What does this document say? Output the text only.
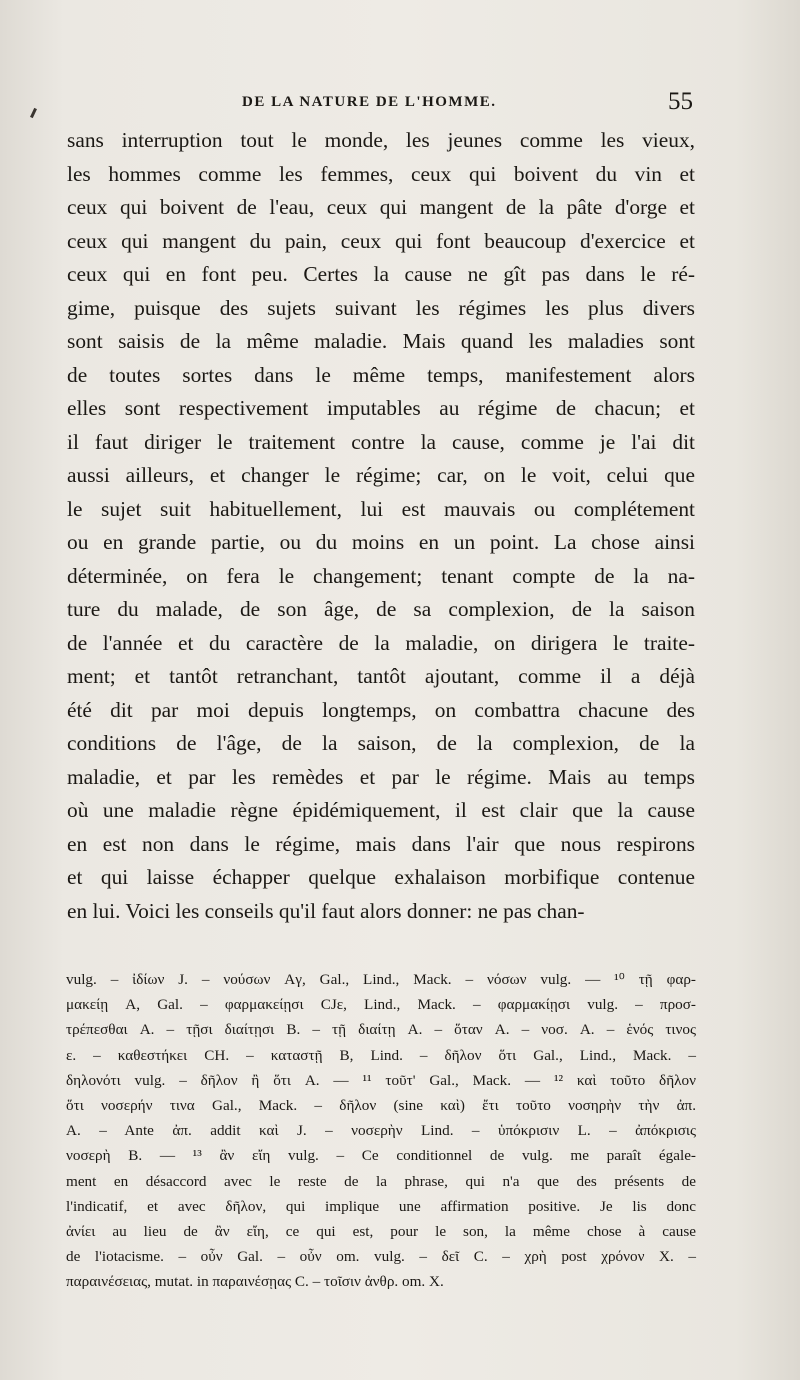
DE LA NATURE DE L'HOMME.	55
sans interruption tout le monde, les jeunes comme les vieux,
les hommes comme les femmes, ceux qui boivent du vin et
ceux qui boivent de l'eau, ceux qui mangent de la pâte d'orge et
ceux qui mangent du pain, ceux qui font beaucoup d'exercice et
ceux qui en font peu. Certes la cause ne gît pas dans le ré-
gime, puisque des sujets suivant les régimes les plus divers
sont saisis de la même maladie. Mais quand les maladies sont
de toutes sortes dans le même temps, manifestement alors
elles sont respectivement imputables au régime de chacun; et
il faut diriger le traitement contre la cause, comme je l'ai dit
aussi ailleurs, et changer le régime; car, on le voit, celui que
le sujet suit habituellement, lui est mauvais ou complétement
ou en grande partie, ou du moins en un point. La chose ainsi
déterminée, on fera le changement; tenant compte de la na-
ture du malade, de son âge, de sa complexion, de la saison
de l'année et du caractère de la maladie, on dirigera le traite-
ment; et tantôt retranchant, tantôt ajoutant, comme il a déjà
été dit par moi depuis longtemps, on combattra chacune des
conditions de l'âge, de la saison, de la complexion, de la
maladie, et par les remèdes et par le régime. Mais au temps
où une maladie règne épidémiquement, il est clair que la cause
en est non dans le régime, mais dans l'air que nous respirons
et qui laisse échapper quelque exhalaison morbifique contenue
en lui. Voici les conseils qu'il faut alors donner: ne pas chan-
vulg. – ἰδίων J. – νούσων Aγ, Gal., Lind., Mack. – νόσων vulg. — ¹⁰ τῇ φαρ-
μακείῃ A, Gal. – φαρμακείῃσι CJε, Lind., Mack. – φαρμακίῃσι vulg. – προσ-
τρέπεσθαι A. – τῇσι διαίτῃσι B. – τῇ διαίτῃ A. – ὅταν A. – νοσ. A. – ἑνός τινος
ε. – καθεστήκει CH. – καταστῇ B, Lind. – δῆλον ὅτι Gal., Lind., Mack. –
δηλονότι vulg. – δῆλον ἢ ὅτι A. — ¹¹ τοῦτ' Gal., Mack. — ¹² καὶ τοῦτο δῆλον
ὅτι νοσερήν τινα Gal., Mack. – δῆλον (sine καὶ) ἔτι τοῦτο νοσηρὴν τὴν ἀπ.
A. – Ante ἀπ. addit καὶ J. – νοσερὴν Lind. – ὑπόκρισιν L. – ἀπόκρισις
νοσερὴ B. — ¹³ ἂν εἴη vulg. – Ce conditionnel de vulg. me paraît égale-
ment en désaccord avec le reste de la phrase, qui n'a que des présents de
l'indicatif, et avec δῆλον, qui implique une affirmation positive. Je lis donc
ἀνίει au lieu de ἂν εἴη, ce qui est, pour le son, la même chose à cause
de l'iotacisme. – οὖν Gal. – οὖν om. vulg. – δεῖ C. – χρὴ post χρόνον X. –
παραινέσειας, mutat. in παραινέσῃας C. – τοῖσιν ἀνθρ. om. X.
